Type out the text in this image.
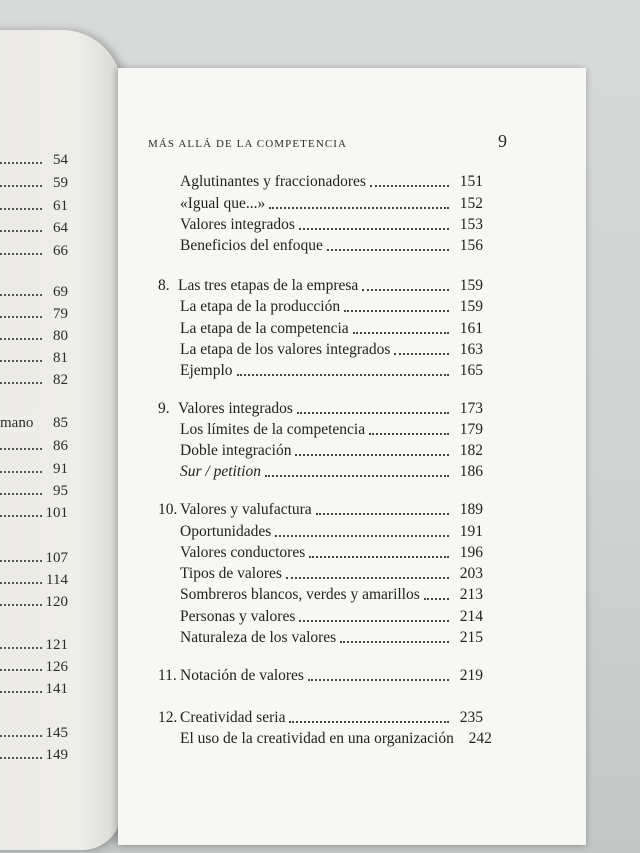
54
59
61
64
66
69
79
80
81
82
mano 85
86
91
95
101
107
114
120
121
126
141
145
149
MÁS ALLÁ DE LA COMPETENCIA	9
Aglutinantes y fraccionadores	151
«Igual que...»	152
Valores integrados	153
Beneficios del enfoque	156
8. Las tres etapas de la empresa	159
La etapa de la producción	159
La etapa de la competencia	161
La etapa de los valores integrados	163
Ejemplo	165
9. Valores integrados	173
Los límites de la competencia	179
Doble integración	182
Sur / petition	186
10. Valores y valufactura	189
Oportunidades	191
Valores conductores	196
Tipos de valores	203
Sombreros blancos, verdes y amarillos	213
Personas y valores	214
Naturaleza de los valores	215
11. Notación de valores	219
12. Creatividad seria	235
El uso de la creatividad en una organización 242
